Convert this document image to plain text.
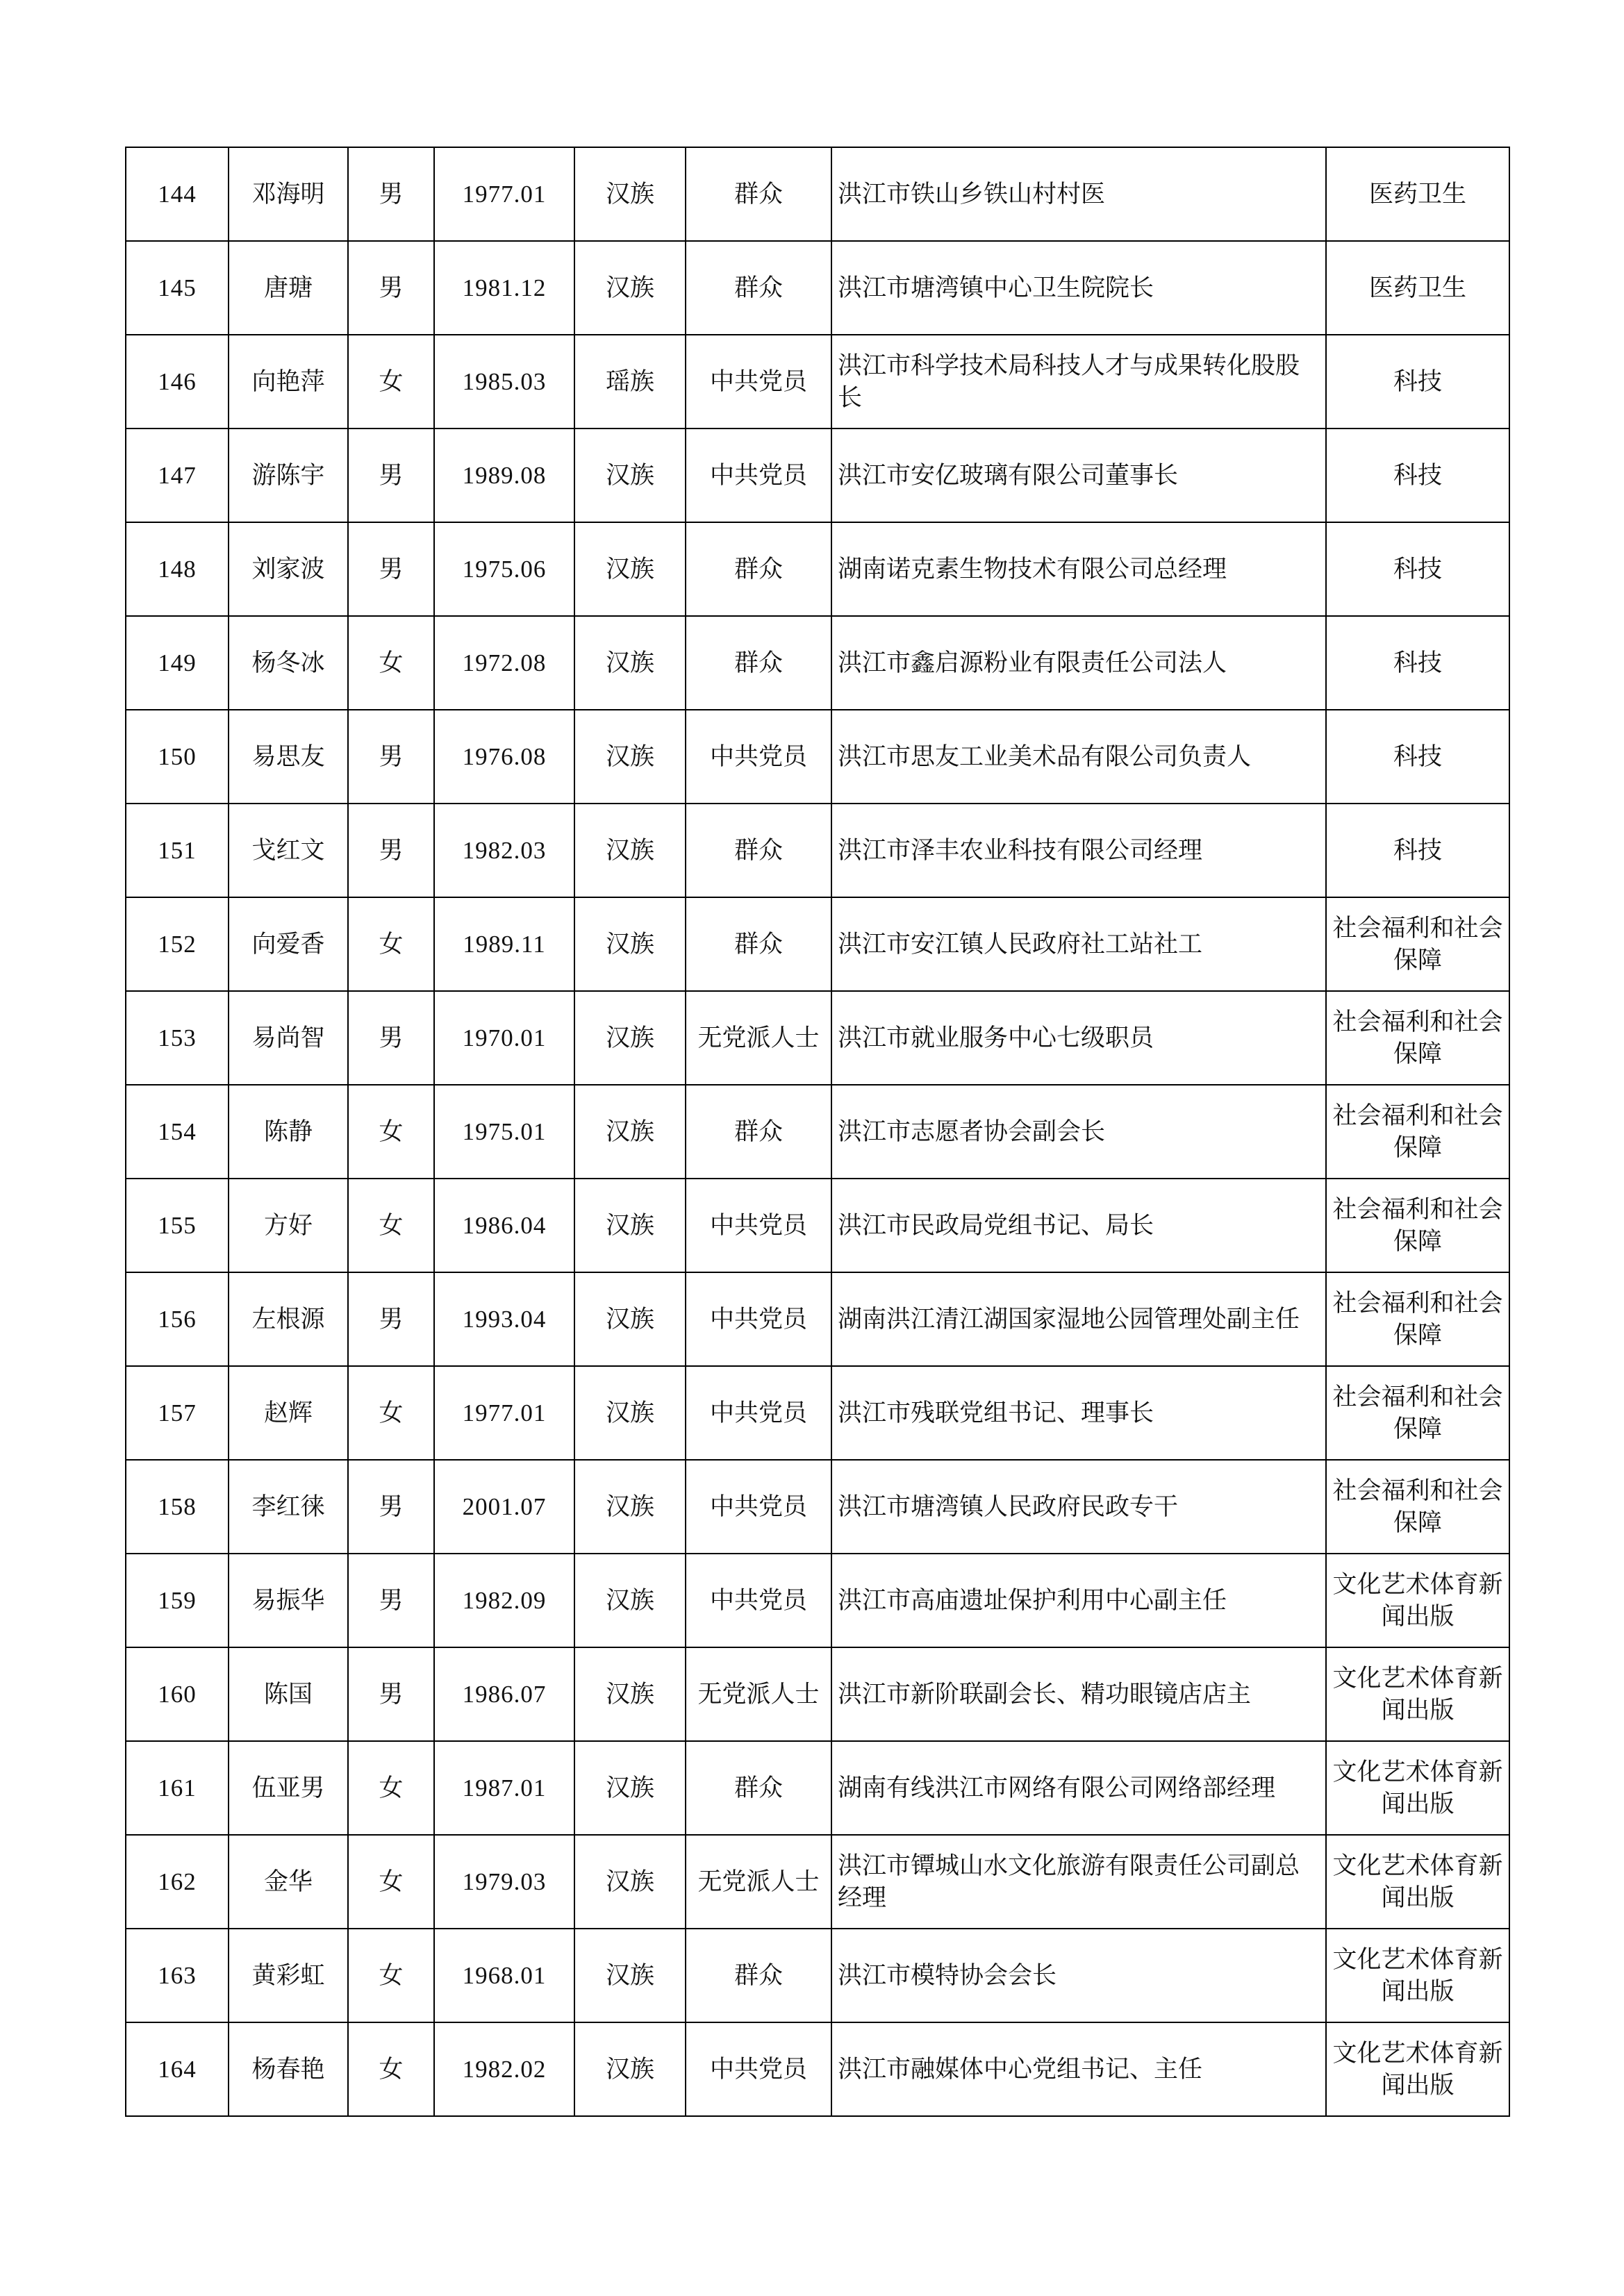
144	邓海明	男	1977.01	汉族	群众	洪江市铁山乡铁山村村医	医药卫生
145	唐瑭	男	1981.12	汉族	群众	洪江市塘湾镇中心卫生院院长	医药卫生
146	向艳萍	女	1985.03	瑶族	中共党员	洪江市科学技术局科技人才与成果转化股股长	科技
147	游陈宇	男	1989.08	汉族	中共党员	洪江市安亿玻璃有限公司董事长	科技
148	刘家波	男	1975.06	汉族	群众	湖南诺克素生物技术有限公司总经理	科技
149	杨冬冰	女	1972.08	汉族	群众	洪江市鑫启源粉业有限责任公司法人	科技
150	易思友	男	1976.08	汉族	中共党员	洪江市思友工业美术品有限公司负责人	科技
151	戈红文	男	1982.03	汉族	群众	洪江市泽丰农业科技有限公司经理	科技
152	向爱香	女	1989.11	汉族	群众	洪江市安江镇人民政府社工站社工	社会福利和社会保障
153	易尚智	男	1970.01	汉族	无党派人士	洪江市就业服务中心七级职员	社会福利和社会保障
154	陈静	女	1975.01	汉族	群众	洪江市志愿者协会副会长	社会福利和社会保障
155	方好	女	1986.04	汉族	中共党员	洪江市民政局党组书记、局长	社会福利和社会保障
156	左根源	男	1993.04	汉族	中共党员	湖南洪江清江湖国家湿地公园管理处副主任	社会福利和社会保障
157	赵辉	女	1977.01	汉族	中共党员	洪江市残联党组书记、理事长	社会福利和社会保障
158	李红徕	男	2001.07	汉族	中共党员	洪江市塘湾镇人民政府民政专干	社会福利和社会保障
159	易振华	男	1982.09	汉族	中共党员	洪江市高庙遗址保护利用中心副主任	文化艺术体育新闻出版
160	陈国	男	1986.07	汉族	无党派人士	洪江市新阶联副会长、精功眼镜店店主	文化艺术体育新闻出版
161	伍亚男	女	1987.01	汉族	群众	湖南有线洪江市网络有限公司网络部经理	文化艺术体育新闻出版
162	金华	女	1979.03	汉族	无党派人士	洪江市镡城山水文化旅游有限责任公司副总经理	文化艺术体育新闻出版
163	黄彩虹	女	1968.01	汉族	群众	洪江市模特协会会长	文化艺术体育新闻出版
164	杨春艳	女	1982.02	汉族	中共党员	洪江市融媒体中心党组书记、主任	文化艺术体育新闻出版
